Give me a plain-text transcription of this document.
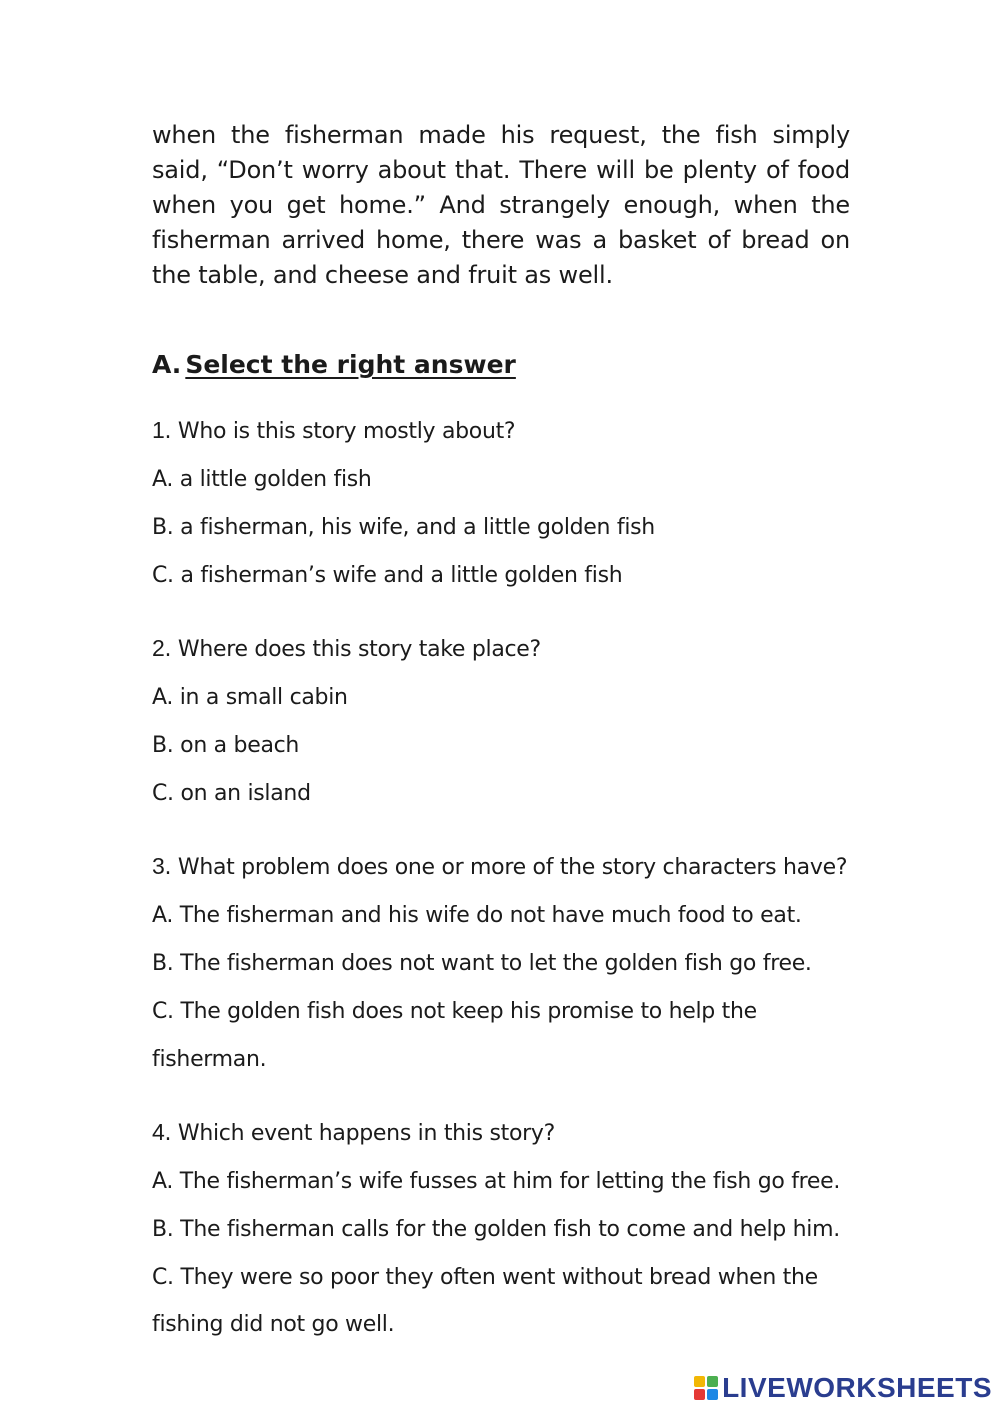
when the fisherman made his request, the fish simply said, “Don’t worry about that. There will be plenty of food when you get home.” And strangely enough, when the fisherman arrived home, there was a basket of bread on the table, and cheese and fruit as well.

A. Select the right answer
1. Who is this story mostly about?
A. a little golden fish
B. a fisherman, his wife, and a little golden fish
C. a fisherman’s wife and a little golden fish
2. Where does this story take place?
A. in a small cabin
B. on a beach
C. on an island
3. What problem does one or more of the story characters have?
A. The fisherman and his wife do not have much food to eat.
B. The fisherman does not want to let the golden fish go free.
C. The golden fish does not keep his promise to help the fisherman.
4. Which event happens in this story?
A. The fisherman’s wife fusses at him for letting the fish go free.
B. The fisherman calls for the golden fish to come and help him.
C. They were so poor they often went without bread when the fishing did not go well.
LIVEWORKSHEETS
